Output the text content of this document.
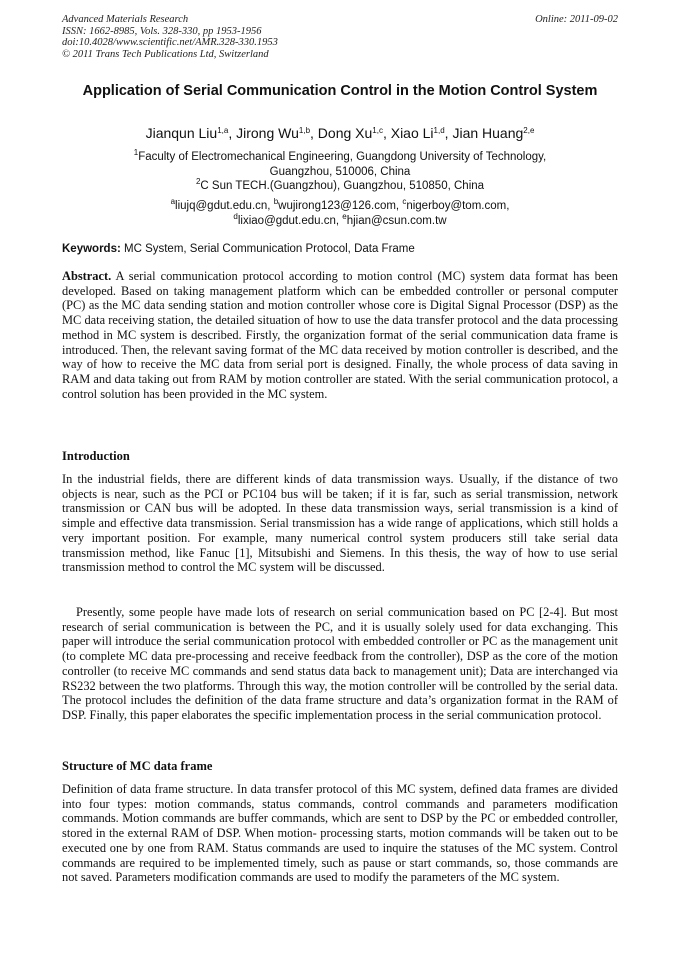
Advanced Materials Research
ISSN: 1662-8985, Vols. 328-330, pp 1953-1956
doi:10.4028/www.scientific.net/AMR.328-330.1953
© 2011 Trans Tech Publications Ltd, Switzerland
Online: 2011-09-02
Application of Serial Communication Control in the Motion Control System
Jianqun Liu$^{1,a}$, Jirong Wu$^{1,b}$, Dong Xu$^{1,c}$, Xiao Li$^{1,d}$, Jian Huang$^{2,e}$
$^1$Faculty of Electromechanical Engineering, Guangdong University of Technology,
Guangzhou, 510006, China
$^2$C Sun TECH.(Guangzhou), Guangzhou, 510850, China
$^a$liujq@gdut.edu.cn, $^b$wujirong123@126.com, $^c$nigerboy@tom.com,
$^d$lixiao@gdut.edu.cn, $^e$hjian@csun.com.tw
Keywords: MC System, Serial Communication Protocol, Data Frame
Abstract. A serial communication protocol according to motion control (MC) system data format has been developed. Based on taking management platform which can be embedded controller or personal computer (PC) as the MC data sending station and motion controller whose core is Digital Signal Processor (DSP) as the MC data receiving station, the detailed situation of how to use the data transfer protocol and the data processing method in MC system is described. Firstly, the organization format of the serial communication data frame is introduced. Then, the relevant saving format of the MC data received by motion controller is described, and the way of how to receive the MC data from serial port is designed. Finally, the whole process of data saving in RAM and data taking out from RAM by motion controller are stated. With the serial communication protocol, a control solution has been provided in the MC system.
Introduction
In the industrial fields, there are different kinds of data transmission ways. Usually, if the distance of two objects is near, such as the PCI or PC104 bus will be taken; if it is far, such as serial transmission, network transmission or CAN bus will be adopted. In these data transmission ways, serial transmission is a kind of simple and effective data transmission. Serial transmission has a wide range of applications, which still holds a very important position. For example, many numerical control system producers still take serial data transmission method, like Fanuc [1], Mitsubishi and Siemens. In this thesis, the way of how to use serial transmission method to control the MC system will be discussed.
Presently, some people have made lots of research on serial communication based on PC [2-4]. But most research of serial communication is between the PC, and it is usually solely used for data exchanging. This paper will introduce the serial communication protocol with embedded controller or PC as the management unit (to complete MC data pre-processing and receive feedback from the controller), DSP as the core of the motion controller (to receive MC commands and send status data back to management unit); Data are interchanged via RS232 between the two platforms. Through this way, the motion controller will be controlled by the serial data. The protocol includes the definition of the data frame structure and data’s organization format in the RAM of DSP. Finally, this paper elaborates the specific implementation process in the serial communication protocol.
Structure of MC data frame
Definition of data frame structure. In data transfer protocol of this MC system, defined data frames are divided into four types: motion commands, status commands, control commands and parameters modification commands. Motion commands are buffer commands, which are sent to DSP by the PC or embedded controller, stored in the external RAM of DSP. When motion- processing starts, motion commands will be taken out to be executed one by one from RAM. Status commands are used to inquire the statuses of the MC system. Control commands are required to be implemented timely, such as pause or start commands, so, those commands are not saved. Parameters modification commands are used to modify the parameters of the MC system.
